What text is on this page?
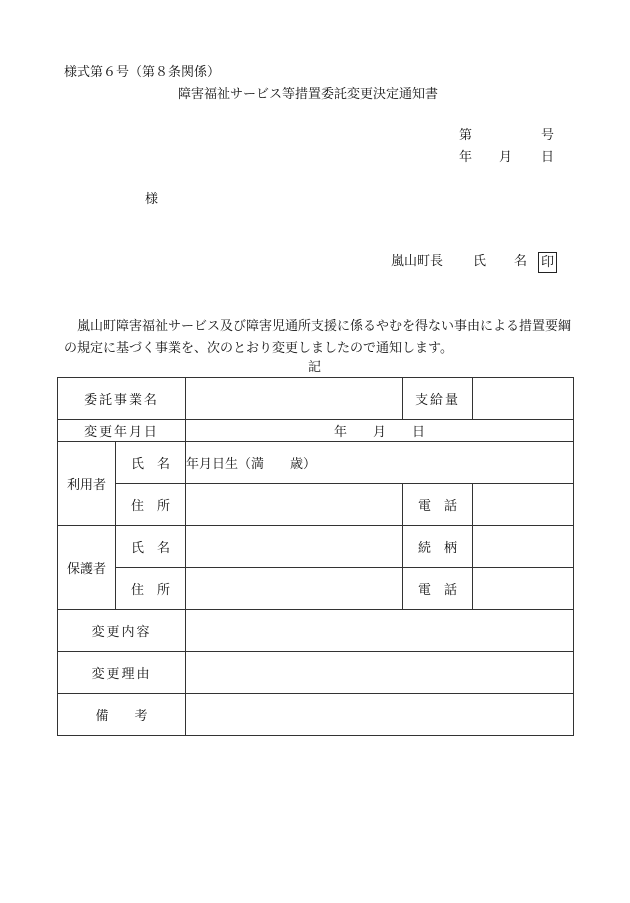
様式第６号（第８条関係）
障害福祉サービス等措置委託変更決定通知書
第	号
年 月 日
様
嵐山町長 氏 名 印
　嵐山町障害福祉サービス及び障害児通所支援に係るやむを得ない事由による措置要綱の規定に基づく事業を、次のとおり変更しましたので通知します。
記
委託事業名			支給量	
変更年月日		年　　月　　日		
利用者	氏　名	年月日生（満　　歳）		
	住　所		電　話	
保護者	氏　名		続　柄	
	住　所		電　話	
変更内容				
変更理由				
備　　考				
